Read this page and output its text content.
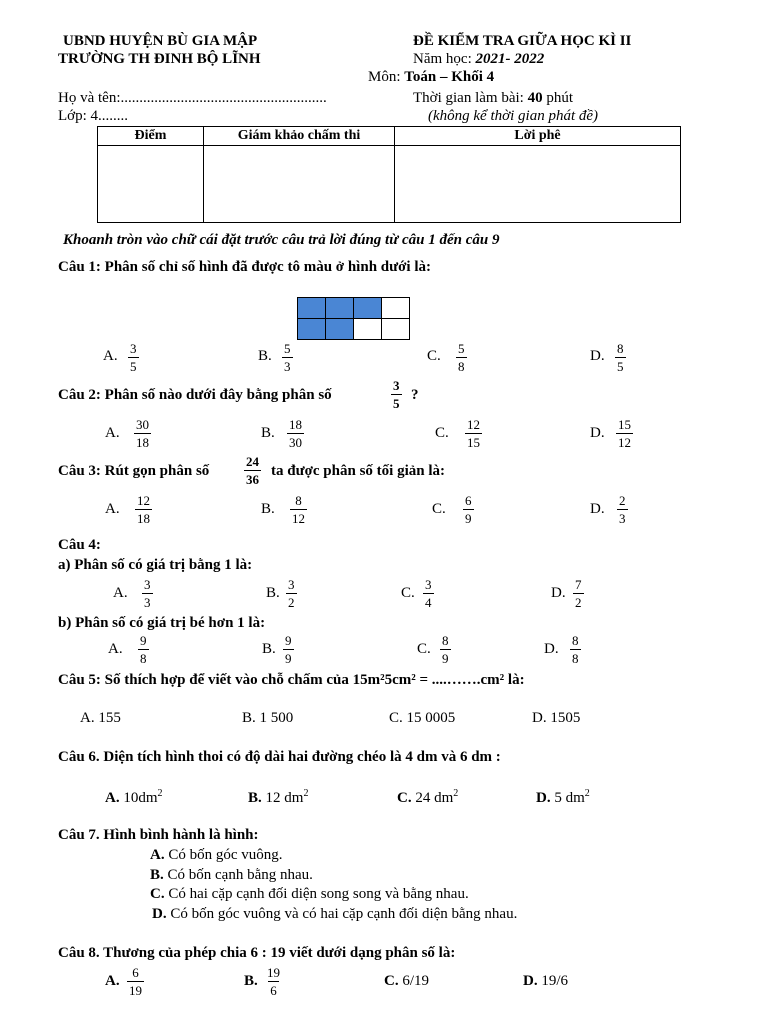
UBND HUYỆN BÙ GIA MẬP
TRƯỜNG TH ĐINH BỘ LĨNH
ĐỀ KIỂM TRA GIỮA HỌC KÌ II
Năm học: 2021- 2022
Môn: Toán – Khối 4
Họ và tên:.......................................................	Thời gian làm bài: 40 phút
Lớp: 4........	(không kể thời gian phát đề)
Điểm	Giám khảo chấm thi	Lời phê

Khoanh tròn vào chữ cái đặt trước câu trả lời đúng từ câu 1 đến câu 9
Câu 1: Phân số chỉ số hình đã được tô màu ở hình dưới là:

A. $\frac{3}{5}$	B. $\frac{5}{3}$	C. $\frac{5}{8}$	D. $\frac{8}{5}$
Câu 2: Phân số nào dưới đây bằng phân số	$\frac{3}{5}$ ?
A. $\frac{30}{18}$	B. $\frac{18}{30}$	C. $\frac{12}{15}$	D. $\frac{15}{12}$
Câu 3: Rút gọn phân số	$\frac{24}{36}$ ta được phân số tối giản là:
A. $\frac{12}{18}$	B. $\frac{8}{12}$	C. $\frac{6}{9}$	D. $\frac{2}{3}$
Câu 4:
a) Phân số có giá trị bằng 1 là:
A. $\frac{3}{3}$	B. $\frac{3}{2}$	C. $\frac{3}{4}$	D. $\frac{7}{2}$
b) Phân số có giá trị bé hơn 1 là:
A. $\frac{9}{8}$	B. $\frac{9}{9}$	C. $\frac{8}{9}$	D. $\frac{8}{8}$
Câu 5: Số thích hợp để viết vào chỗ chấm của 15m²5cm² = ....…….cm² là:
A. 155	B. 1 500	C. 15 0005	D. 1505
Câu 6. Diện tích hình thoi có độ dài hai đường chéo là 4 dm và 6 dm :
A. $10dm^2$	B. 12 $dm^2$	C. 24 $dm^2$	D. 5 $dm^2$
Câu 7. Hình bình hành là hình:
A. Có bốn góc vuông.
B. Có bốn cạnh bằng nhau.
C. Có hai cặp cạnh đối diện song song và bằng nhau.
D. Có bốn góc vuông và có hai cặp cạnh đối diện bằng nhau.
Câu 8. Thương của phép chia 6 : 19 viết dưới dạng phân số là:
A. $\frac{6}{19}$	B. $\frac{19}{6}$	C. 6/19	D. 19/6
